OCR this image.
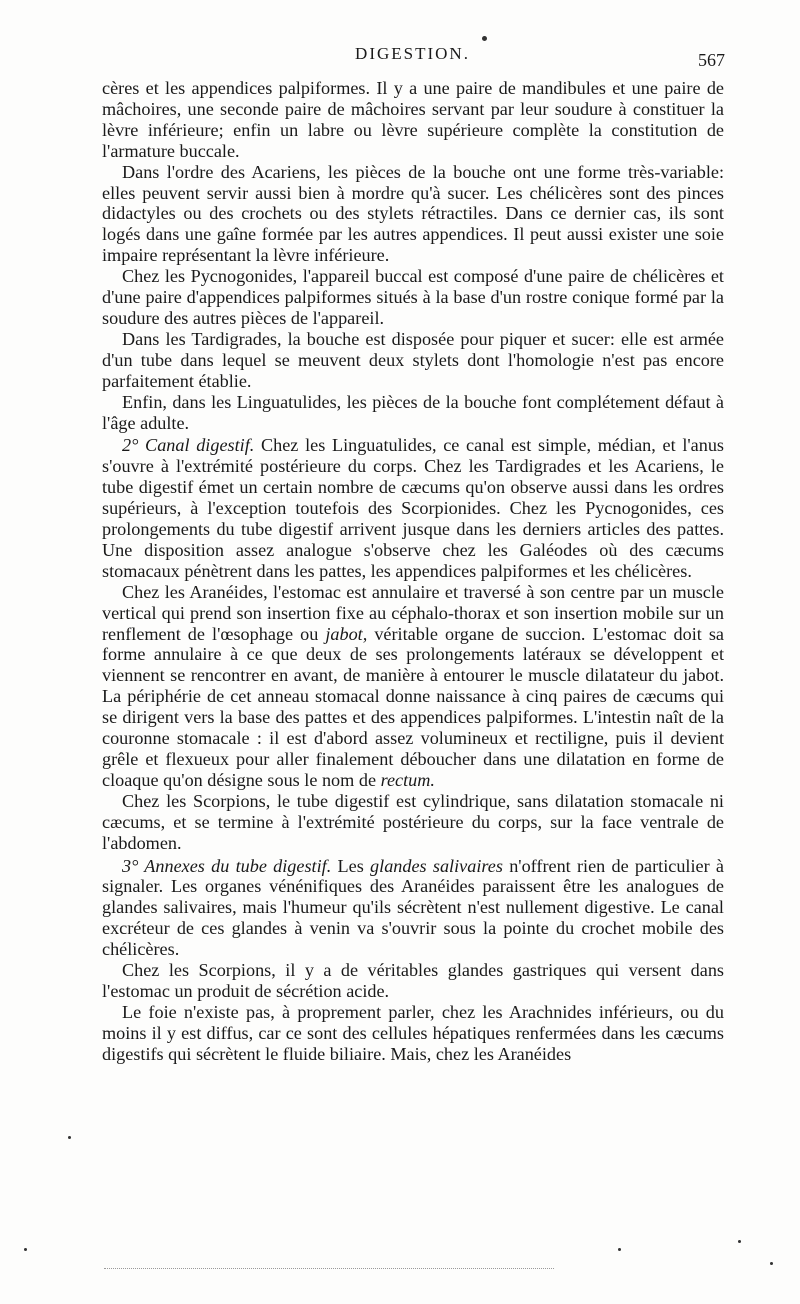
DIGESTION.	567

cères et les appendices palpiformes. Il y a une paire de mandibules et une paire de mâchoires, une seconde paire de mâchoires servant par leur soudure à constituer la lèvre inférieure; enfin un labre ou lèvre supérieure complète la constitution de l'armature buccale.

Dans l'ordre des Acariens, les pièces de la bouche ont une forme très-variable: elles peuvent servir aussi bien à mordre qu'à sucer. Les chélicères sont des pinces didactyles ou des crochets ou des stylets rétractiles. Dans ce dernier cas, ils sont logés dans une gaîne formée par les autres appendices. Il peut aussi exister une soie impaire représentant la lèvre inférieure.

Chez les Pycnogonides, l'appareil buccal est composé d'une paire de chélicères et d'une paire d'appendices palpiformes situés à la base d'un rostre conique formé par la soudure des autres pièces de l'appareil.

Dans les Tardigrades, la bouche est disposée pour piquer et sucer: elle est armée d'un tube dans lequel se meuvent deux stylets dont l'homologie n'est pas encore parfaitement établie.

Enfin, dans les Linguatulides, les pièces de la bouche font complétement défaut à l'âge adulte.

2° Canal digestif. Chez les Linguatulides, ce canal est simple, médian, et l'anus s'ouvre à l'extrémité postérieure du corps. Chez les Tardigrades et les Acariens, le tube digestif émet un certain nombre de cæcums qu'on observe aussi dans les ordres supérieurs, à l'exception toutefois des Scorpionides. Chez les Pycnogonides, ces prolongements du tube digestif arrivent jusque dans les derniers articles des pattes. Une disposition assez analogue s'observe chez les Galéodes où des cæcums stomacaux pénètrent dans les pattes, les appendices palpiformes et les chélicères.

Chez les Aranéides, l'estomac est annulaire et traversé à son centre par un muscle vertical qui prend son insertion fixe au céphalo-thorax et son insertion mobile sur un renflement de l'œsophage ou jabot, véritable organe de succion. L'estomac doit sa forme annulaire à ce que deux de ses prolongements latéraux se développent et viennent se rencontrer en avant, de manière à entourer le muscle dilatateur du jabot. La périphérie de cet anneau stomacal donne naissance à cinq paires de cæcums qui se dirigent vers la base des pattes et des appendices palpiformes. L'intestin naît de la couronne stomacale : il est d'abord assez volumineux et rectiligne, puis il devient grêle et flexueux pour aller finalement déboucher dans une dilatation en forme de cloaque qu'on désigne sous le nom de rectum.

Chez les Scorpions, le tube digestif est cylindrique, sans dilatation stomacale ni cæcums, et se termine à l'extrémité postérieure du corps, sur la face ventrale de l'abdomen.

3° Annexes du tube digestif. Les glandes salivaires n'offrent rien de particulier à signaler. Les organes vénénifiques des Aranéides paraissent être les analogues de glandes salivaires, mais l'humeur qu'ils sécrètent n'est nullement digestive. Le canal excréteur de ces glandes à venin va s'ouvrir sous la pointe du crochet mobile des chélicères.

Chez les Scorpions, il y a de véritables glandes gastriques qui versent dans l'estomac un produit de sécrétion acide.

Le foie n'existe pas, à proprement parler, chez les Arachnides inférieurs, ou du moins il y est diffus, car ce sont des cellules hépatiques renfermées dans les cæcums digestifs qui sécrètent le fluide biliaire. Mais, chez les Aranéides
